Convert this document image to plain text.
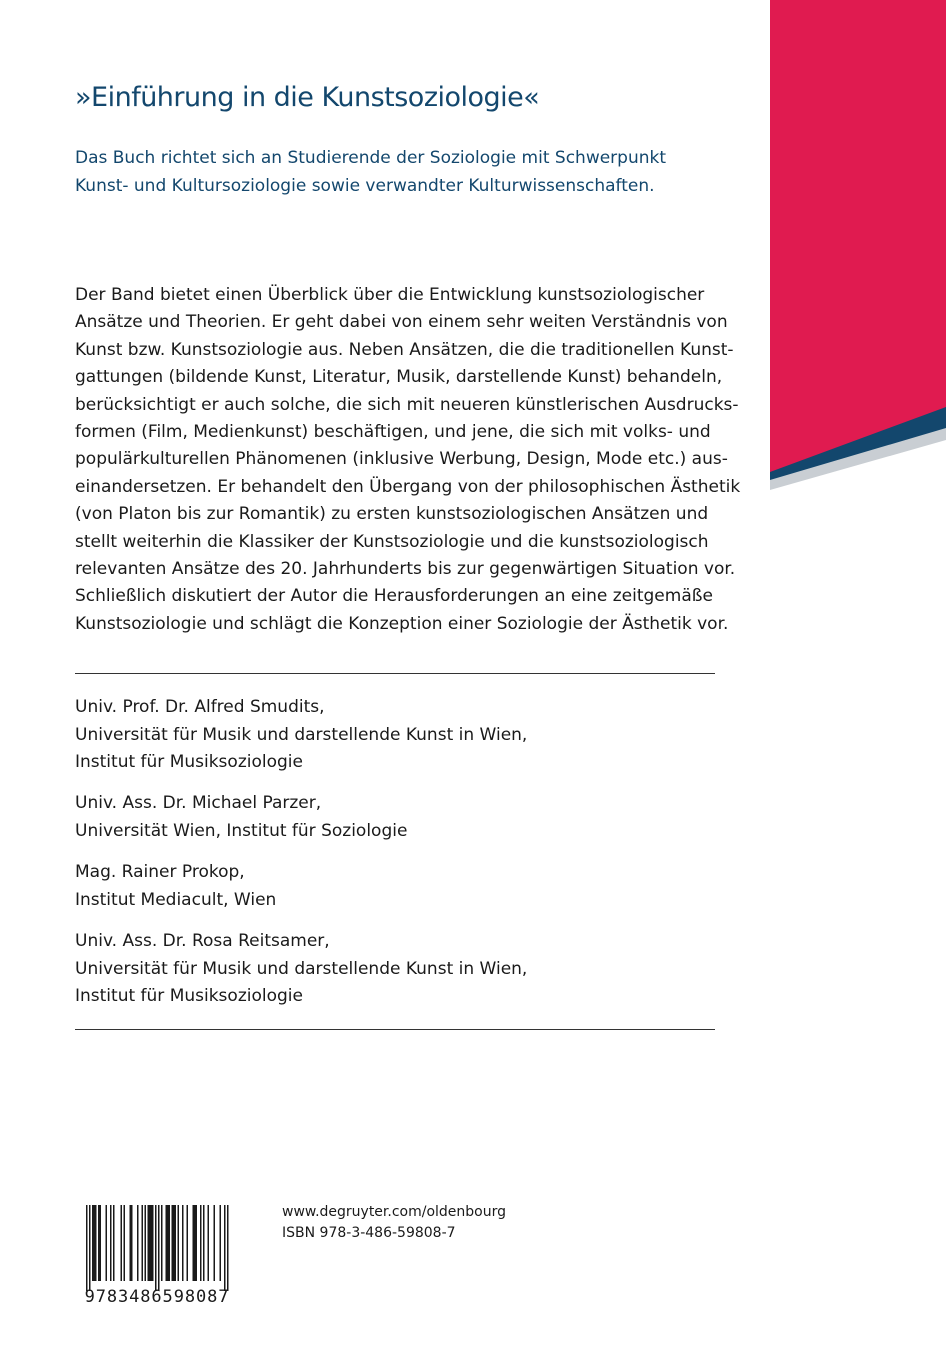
»Einführung in die Kunstsoziologie«

Das Buch richtet sich an Studierende der Soziologie mit Schwerpunkt
Kunst- und Kultursoziologie sowie verwandter Kulturwissenschaften.

Der Band bietet einen Überblick über die Entwicklung kunstsoziologischer
Ansätze und Theorien. Er geht dabei von einem sehr weiten Verständnis von
Kunst bzw. Kunstsoziologie aus. Neben Ansätzen, die die traditionellen Kunst-
gattungen (bildende Kunst, Literatur, Musik, darstellende Kunst) behandeln,
berücksichtigt er auch solche, die sich mit neueren künstlerischen Ausdrucks-
formen (Film, Medienkunst) beschäftigen, und jene, die sich mit volks- und
populärkulturellen Phänomenen (inklusive Werbung, Design, Mode etc.) aus-
einandersetzen. Er behandelt den Übergang von der philosophischen Ästhetik
(von Platon bis zur Romantik) zu ersten kunstsoziologischen Ansätzen und
stellt weiterhin die Klassiker der Kunstsoziologie und die kunstsoziologisch
relevanten Ansätze des 20. Jahrhunderts bis zur gegenwärtigen Situation vor.
Schließlich diskutiert der Autor die Herausforderungen an eine zeitgemäße
Kunstsoziologie und schlägt die Konzeption einer Soziologie der Ästhetik vor.

Univ. Prof. Dr. Alfred Smudits,
Universität für Musik und darstellende Kunst in Wien,
Institut für Musiksoziologie

Univ. Ass. Dr. Michael Parzer,
Universität Wien, Institut für Soziologie

Mag. Rainer Prokop,
Institut Mediacult, Wien

Univ. Ass. Dr. Rosa Reitsamer,
Universität für Musik und darstellende Kunst in Wien,
Institut für Musiksoziologie

9783486598087
www.degruyter.com/oldenbourg
ISBN 978-3-486-59808-7
